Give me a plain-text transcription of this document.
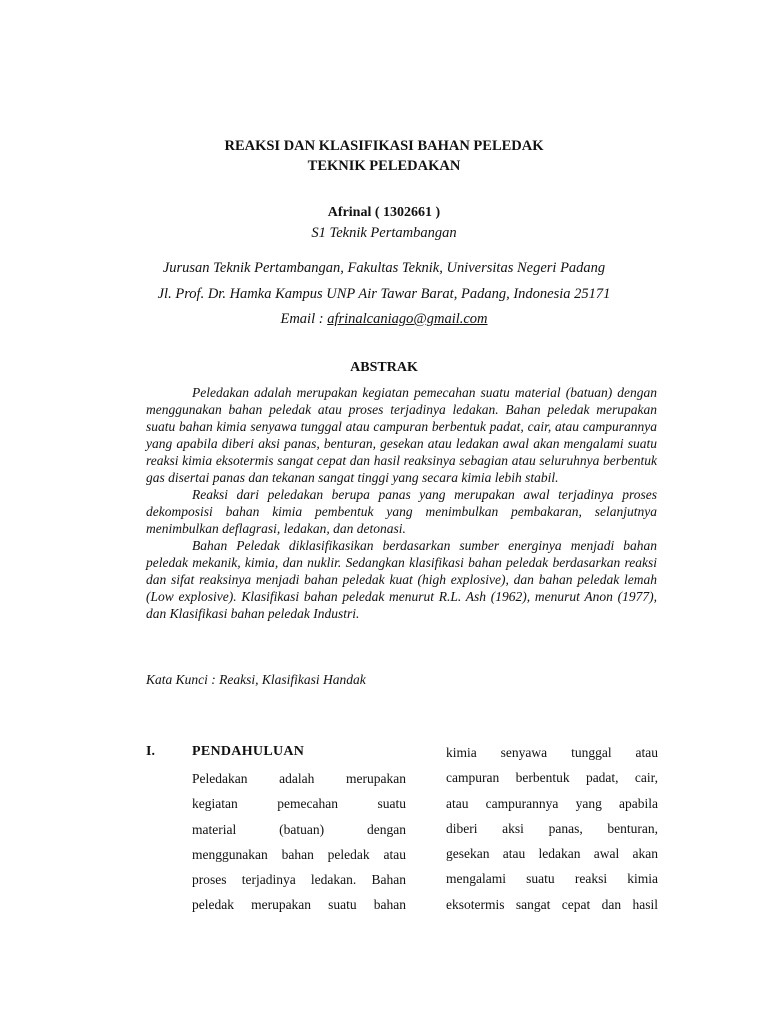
REAKSI DAN KLASIFIKASI BAHAN PELEDAK
TEKNIK PELEDAKAN
Afrinal ( 1302661 )
S1 Teknik Pertambangan
Jurusan Teknik Pertambangan, Fakultas Teknik, Universitas Negeri Padang
Jl. Prof. Dr. Hamka Kampus UNP Air Tawar Barat, Padang, Indonesia 25171
Email : afrinalcaniago@gmail.com
ABSTRAK

Peledakan adalah merupakan kegiatan pemecahan suatu material (batuan) dengan menggunakan bahan peledak atau proses terjadinya ledakan. Bahan peledak merupakan suatu bahan kimia senyawa tunggal atau campuran berbentuk padat, cair, atau campurannya yang apabila diberi aksi panas, benturan, gesekan atau ledakan awal akan mengalami suatu reaksi kimia eksotermis sangat cepat dan hasil reaksinya sebagian atau seluruhnya berbentuk gas disertai panas dan tekanan sangat tinggi yang secara kimia lebih stabil.

Reaksi dari peledakan berupa panas yang merupakan awal terjadinya proses dekomposisi bahan kimia pembentuk yang menimbulkan pembakaran, selanjutnya menimbulkan deflagrasi, ledakan, dan detonasi.

Bahan Peledak diklasifikasikan berdasarkan sumber energinya menjadi bahan peledak mekanik, kimia, dan nuklir. Sedangkan klasifikasi bahan peledak berdasarkan reaksi dan sifat reaksinya menjadi bahan peledak kuat (high explosive), dan bahan peledak lemah (Low explosive). Klasifikasi bahan peledak menurut R.L. Ash (1962), menurut Anon (1977), dan Klasifikasi bahan peledak Industri.

Kata Kunci : Reaksi, Klasifikasi Handak
I.	PENDAHULUAN
Peledakan adalah merupakan
kegiatan pemecahan suatu
material (batuan) dengan
menggunakan bahan peledak atau
proses terjadinya ledakan. Bahan
peledak merupakan suatu bahan
kimia senyawa tunggal atau
campuran berbentuk padat, cair,
atau campurannya yang apabila
diberi aksi panas, benturan,
gesekan atau ledakan awal akan
mengalami suatu reaksi kimia
eksotermis sangat cepat dan hasil
